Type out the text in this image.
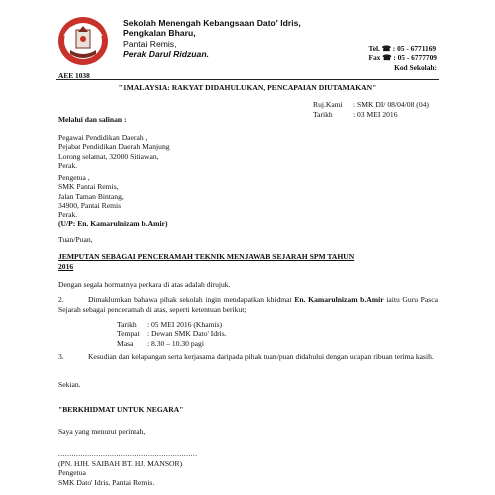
Sekolah Menengah Kebangsaan Dato' Idris,
Pengkalan Bharu,
Pantai Remis,
Perak Darul Ridzuan.
Tel. ☎ : 05 - 6771169
Fax ☎ : 05 - 6777709
Kod Sekolah:
AEE 1038
"1MALAYSIA: RAKYAT DIDAHULUKAN, PENCAPAIAN DIUTAMAKAN"
Ruj.Kami : SMK DI/ 08/04/08 (04)
Tarikh	: 03 MEI 2016
Melalui dan salinan :
Pegawai Pendidikan Daerah ,
Pejabat Pendidikan Daerah Manjung
Lorong selamat, 32000 Sitiawan,
Perak.
Pengetua ,
SMK Pantai Remis,
Jalan Taman Bintang,
34900, Pantai Remis
Perak.
(U/P: En. Kamarulnizam b.Amir)
Tuan/Puan,
JEMPUTAN SEBAGAI PENCERAMAH TEKNIK MENJAWAB SEJARAH SPM TAHUN
2016
Dengan segala hormatnya perkara di atas adalah dirujuk.
2.	Dimaklumkan bahawa pihak sekolah ingin mendapatkan khidmat En. Kamarulnizam b.Amir iaitu Guru Pasca Sejarah sebagai penceramah di atas, seperti ketentuan berikut;
Tarikh : 05 MEI 2016 (Khamis)
Tempat : Dewan SMK Dato' Idris.
Masa : 8.30 – 10.30 pagi
3.	Kesudian dan kelapangan serta kerjasama daripada pihak tuan/puan didahului dengan ucapan ribuan terima kasih.
Sekian.
"BERKHIDMAT UNTUK NEGARA"
Saya yang menurut perintah,
..............................................................
(PN. HJH. SAIBAH BT. HJ. MANSOR)
Pengetua
SMK Dato' Idris, Pantai Remis.
